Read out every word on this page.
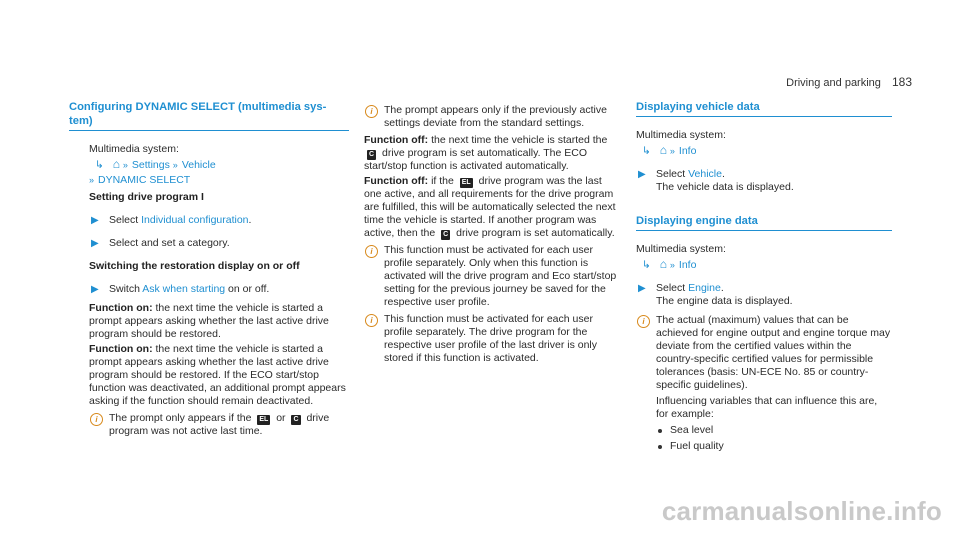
Driving and parking 183
Configuring DYNAMIC SELECT (multimedia sys- tem)
Multimedia system:
↳ ⌂ » Settings » Vehicle
» DYNAMIC SELECT
Setting drive program I
▶ Select Individual configuration.
▶ Select and set a category.
Switching the restoration display on or off
▶ Switch Ask when starting on or off.
Function on: the next time the vehicle is started a prompt appears asking whether the last active drive program should be restored.
Function on: the next time the vehicle is started a prompt appears asking whether the last active drive program should be restored. If the ECO start/stop function was deactivated, an additional prompt appears asking if the function should remain deactivated.
i	The prompt only appears if the EL or C drive program was not active last time.
i	The prompt appears only if the previously active settings deviate from the standard settings.
Function off: the next time the vehicle is started the C drive program is set automatically. The ECO start/stop function is activated automatically.
Function off: if the EL drive program was the last one active, and all requirements for the drive program are fulfilled, this will be automatically selected the next time the vehicle is started. If another program was active, then the C drive program is set automatically.
i	This function must be activated for each user profile separately. Only when this function is activated will the drive program and Eco start/stop setting for the previous journey be saved for the respective user profile.
i	This function must be activated for each user profile separately. The drive program for the respective user profile of the last driver is only stored if this function is activated.
Displaying vehicle data
Multimedia system:
↳ ⌂ » Info
▶ Select Vehicle.
The vehicle data is displayed.
Displaying engine data
Multimedia system:
↳ ⌂ » Info
▶ Select Engine.
The engine data is displayed.
i	The actual (maximum) values that can be achieved for engine output and engine torque may deviate from the certified values within the country-specific certified values for permissible tolerances (basis: UN-ECE No. 85 or country-specific guidelines).
Influencing variables that can influence this are, for example:
Sea level
Fuel quality
carmanualsonline.info
